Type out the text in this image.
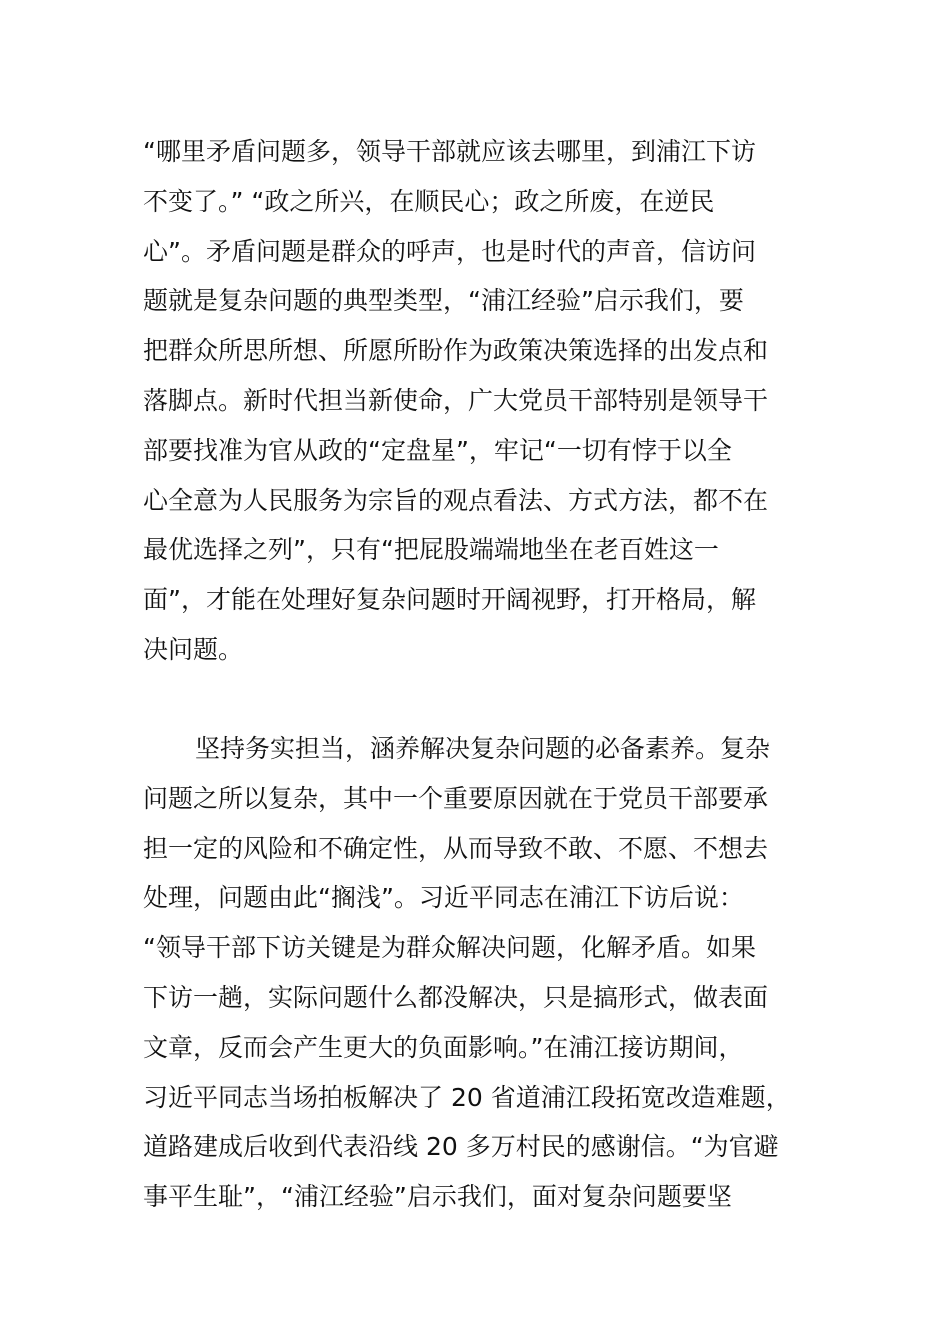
“哪里矛盾问题多，领导干部就应该去哪里，到浦江下访
不变了。” “政之所兴，在顺民心；政之所废，在逆民
心”。矛盾问题是群众的呼声，也是时代的声音，信访问
题就是复杂问题的典型类型，“浦江经验”启示我们，要
把群众所思所想、所愿所盼作为政策决策选择的出发点和
落脚点。新时代担当新使命，广大党员干部特别是领导干
部要找准为官从政的“定盘星”，牢记“一切有悖于以全
心全意为人民服务为宗旨的观点看法、方式方法，都不在
最优选择之列”，只有“把屁股端端地坐在老百姓这一
面”，才能在处理好复杂问题时开阔视野，打开格局，解
决问题。

坚持务实担当，涵养解决复杂问题的必备素养。复杂
问题之所以复杂，其中一个重要原因就在于党员干部要承
担一定的风险和不确定性，从而导致不敢、不愿、不想去
处理，问题由此“搁浅”。习近平同志在浦江下访后说：
“领导干部下访关键是为群众解决问题，化解矛盾。如果
下访一趟，实际问题什么都没解决，只是搞形式，做表面
文章，反而会产生更大的负面影响。”在浦江接访期间，
习近平同志当场拍板解决了 20 省道浦江段拓宽改造难题，
道路建成后收到代表沿线 20 多万村民的感谢信。“为官避
事平生耻”，“浦江经验”启示我们，面对复杂问题要坚
